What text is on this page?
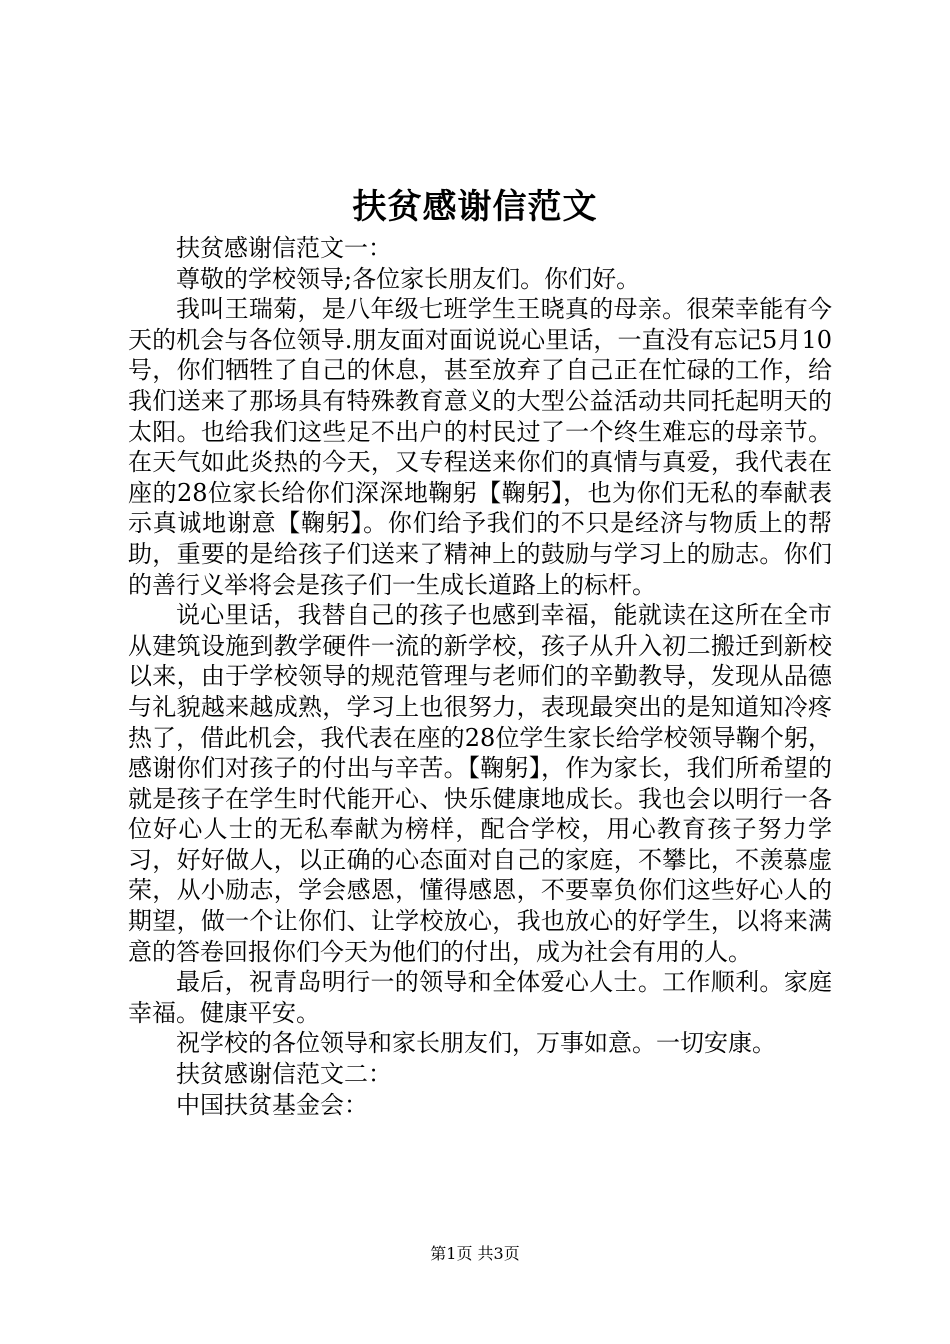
扶贫感谢信范文

扶贫感谢信范文一：

尊敬的学校领导;各位家长朋友们。你们好。

我叫王瑞菊，是八年级七班学生王晓真的母亲。很荣幸能有今天的机会与各位领导.朋友面对面说说心里话，一直没有忘记5月10号，你们牺牲了自己的休息，甚至放弃了自己正在忙碌的工作，给我们送来了那场具有特殊教育意义的大型公益活动共同托起明天的太阳。也给我们这些足不出户的村民过了一个终生难忘的母亲节。在天气如此炎热的今天，又专程送来你们的真情与真爱，我代表在座的28位家长给你们深深地鞠躬【鞠躬】，也为你们无私的奉献表示真诚地谢意【鞠躬】。你们给予我们的不只是经济与物质上的帮助，重要的是给孩子们送来了精神上的鼓励与学习上的励志。你们的善行义举将会是孩子们一生成长道路上的标杆。

说心里话，我替自己的孩子也感到幸福，能就读在这所在全市从建筑设施到教学硬件一流的新学校，孩子从升入初二搬迁到新校以来，由于学校领导的规范管理与老师们的辛勤教导，发现从品德与礼貌越来越成熟，学习上也很努力，表现最突出的是知道知冷疼热了，借此机会，我代表在座的28位学生家长给学校领导鞠个躬，感谢你们对孩子的付出与辛苦。【鞠躬】，作为家长，我们所希望的就是孩子在学生时代能开心、快乐健康地成长。我也会以明行一各位好心人士的无私奉献为榜样，配合学校，用心教育孩子努力学习，好好做人，以正确的心态面对自己的家庭，不攀比，不羡慕虚荣，从小励志，学会感恩，懂得感恩，不要辜负你们这些好心人的期望，做一个让你们、让学校放心，我也放心的好学生，以将来满意的答卷回报你们今天为他们的付出，成为社会有用的人。

最后，祝青岛明行一的领导和全体爱心人士。工作顺利。家庭幸福。健康平安。

祝学校的各位领导和家长朋友们，万事如意。一切安康。

扶贫感谢信范文二：

中国扶贫基金会：

第1页 共3页
